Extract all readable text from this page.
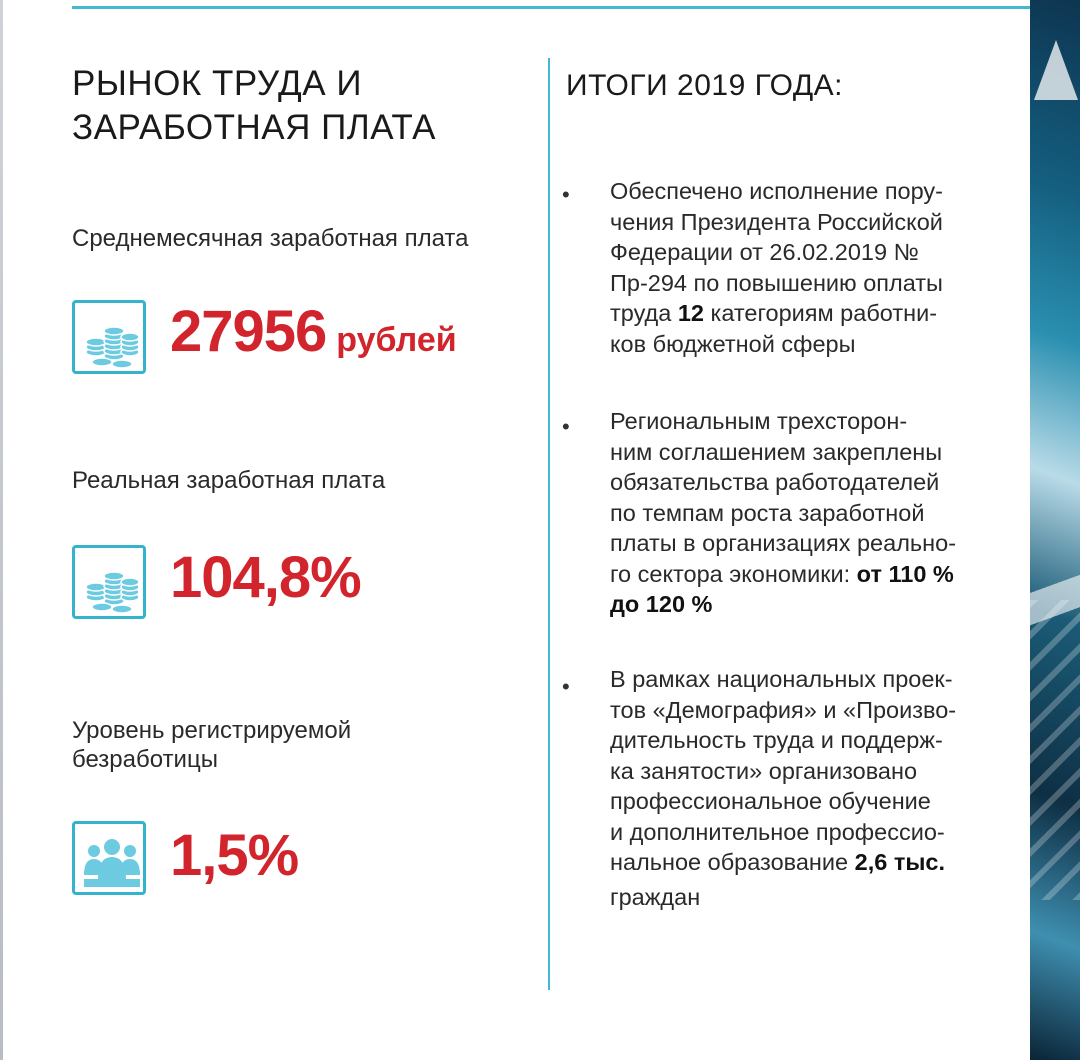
РЫНОК ТРУДА И
ЗАРАБОТНАЯ ПЛАТА

Среднемесячная заработная плата

27956 рублей

Реальная заработная плата

104,8%

Уровень регистрируемой
безработицы

1,5%
ИТОГИ 2019 ГОДА:
• Обеспечено исполнение пору-
чения Президента Российской
Федерации от 26.02.2019 №
Пр-294 по повышению оплаты
труда 12 категориям работни-
ков бюджетной сферы

• Региональным трехсторон-
ним соглашением закреплены
обязательства работодателей
по темпам роста заработной
платы в организациях реально-
го сектора экономики: от 110 %
до 120 %

• В рамках национальных проек-
тов «Демография» и «Произво-
дительность труда и поддерж-
ка занятости» организовано
профессиональное обучение
и дополнительное профессио-
нальное образование 2,6 тыс.
граждан
